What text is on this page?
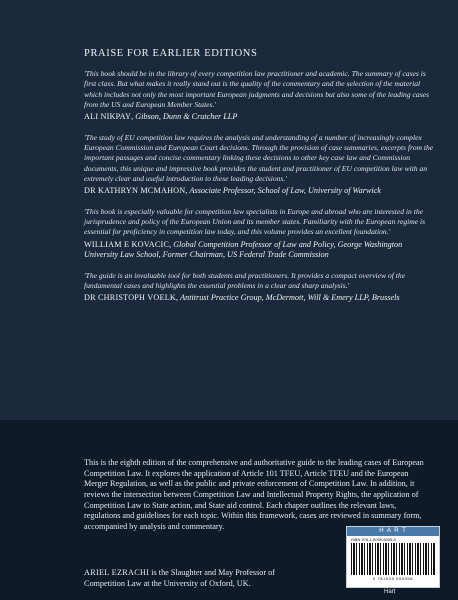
PRAISE FOR EARLIER EDITIONS

'This book should be in the library of every competition law practitioner and academic. The summary of cases is first class. But what makes it really stand out is the quality of the commentary and the selection of the material which includes not only the most important European judgments and decisions but also some of the leading cases from the US and European Member States.'

ALI NIKPAY, Gibson, Dunn & Crutcher LLP

'The study of EU competition law requires the analysis and understanding of a number of increasingly complex European Commission and European Court decisions. Through the provision of case summaries, excerpts from the important passages and concise commentary linking these decisions to other key case law and Commission documents, this unique and impressive book provides the student and practitioner of EU competition law with an extremely clear and useful introduction to these leading decisions.'

DR KATHRYN MCMAHON, Associate Professor, School of Law, University of Warwick

'This book is especially valuable for competition law specialists in Europe and abroad who are interested in the jurisprudence and policy of the European Union and its member states. Familiarity with the European regime is essential for proficiency in competition law today, and this volume provides an excellent foundation.'

WILLIAM E KOVACIC, Global Competition Professor of Law and Policy, George Washington University Law School, Former Chairman, US Federal Trade Commission

'The guide is an invaluable tool for both students and practitioners. It provides a compact overview of the fundamental cases and highlights the essential problems in a clear and sharp analysis.'

DR CHRISTOPH VOELK, Antitrust Practice Group, McDermott, Will & Emery LLP, Brussels

This is the eighth edition of the comprehensive and authoritative guide to the leading cases of European Competition Law. It explores the application of Article 101 TFEU, Article TFEU and the European Merger Regulation, as well as the public and private enforcement of Competition Law. In addition, it reviews the intersection between Competition Law and Intellectual Property Rights, the application of Competition Law to State action, and State aid control. Each chapter outlines the relevant laws, regulations and guidelines for each topic. Within this framework, cases are reviewed in summary form, accompanied by analysis and commentary.

ARIEL EZRACHI is the Slaughter and May Professor of Competition Law at the University of Oxford, UK.

H A R T
ISBN 978-1-5099-5005-8
9 781509 950058
Hart
